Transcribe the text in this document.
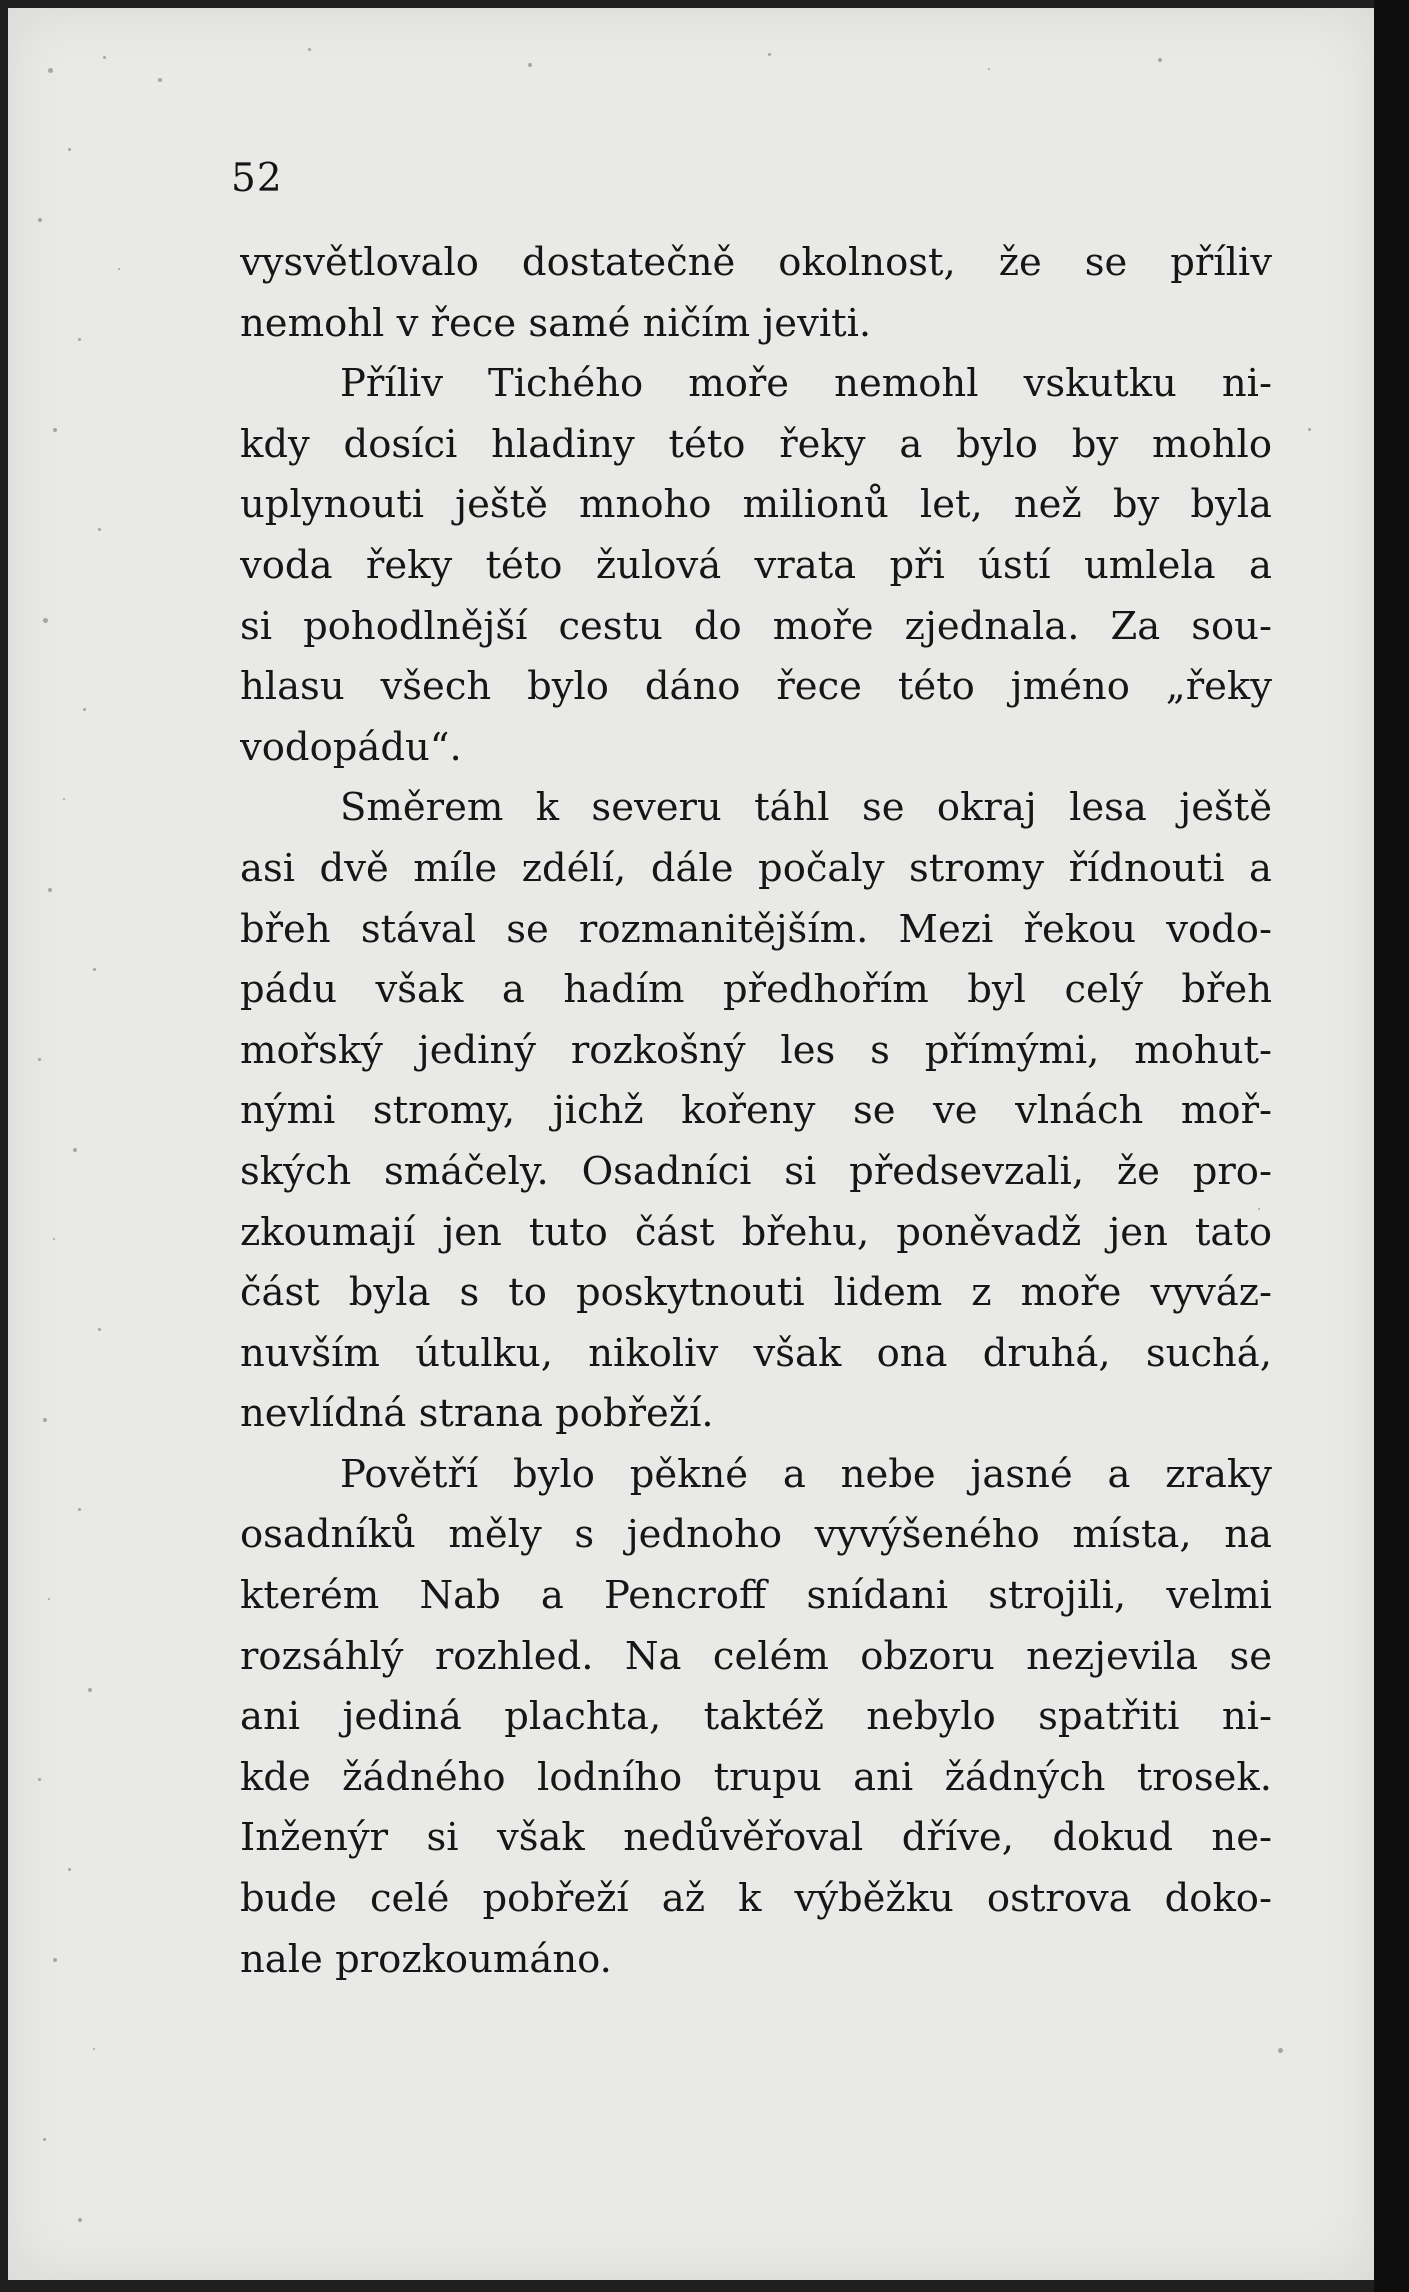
52
vysvětlovalo dostatečně okolnost, že se příliv
nemohl v řece samé ničím jeviti.
Příliv Tichého moře nemohl vskutku ni-
kdy dosíci hladiny této řeky a bylo by mohlo
uplynouti ještě mnoho milionů let, než by byla
voda řeky této žulová vrata při ústí umlela a
si pohodlnější cestu do moře zjednala. Za sou-
hlasu všech bylo dáno řece této jméno „řeky
vodopádu“.
Směrem k severu táhl se okraj lesa ještě
asi dvě míle zdélí, dále počaly stromy řídnouti a
břeh stával se rozmanitějším. Mezi řekou vodo-
pádu však a hadím předhořím byl celý břeh
mořský jediný rozkošný les s přímými, mohut-
nými stromy, jichž kořeny se ve vlnách moř-
ských smáčely. Osadníci si předsevzali, že pro-
zkoumají jen tuto část břehu, poněvadž jen tato
část byla s to poskytnouti lidem z moře vyváz-
nuvším útulku, nikoliv však ona druhá, suchá,
nevlídná strana pobřeží.
Povětří bylo pěkné a nebe jasné a zraky
osadníků měly s jednoho vyvýšeného místa, na
kterém Nab a Pencroff snídani strojili, velmi
rozsáhlý rozhled. Na celém obzoru nezjevila se
ani jediná plachta, taktéž nebylo spatřiti ni-
kde žádného lodního trupu ani žádných trosek.
Inženýr si však nedůvěřoval dříve, dokud ne-
bude celé pobřeží až k výběžku ostrova doko-
nale prozkoumáno.
